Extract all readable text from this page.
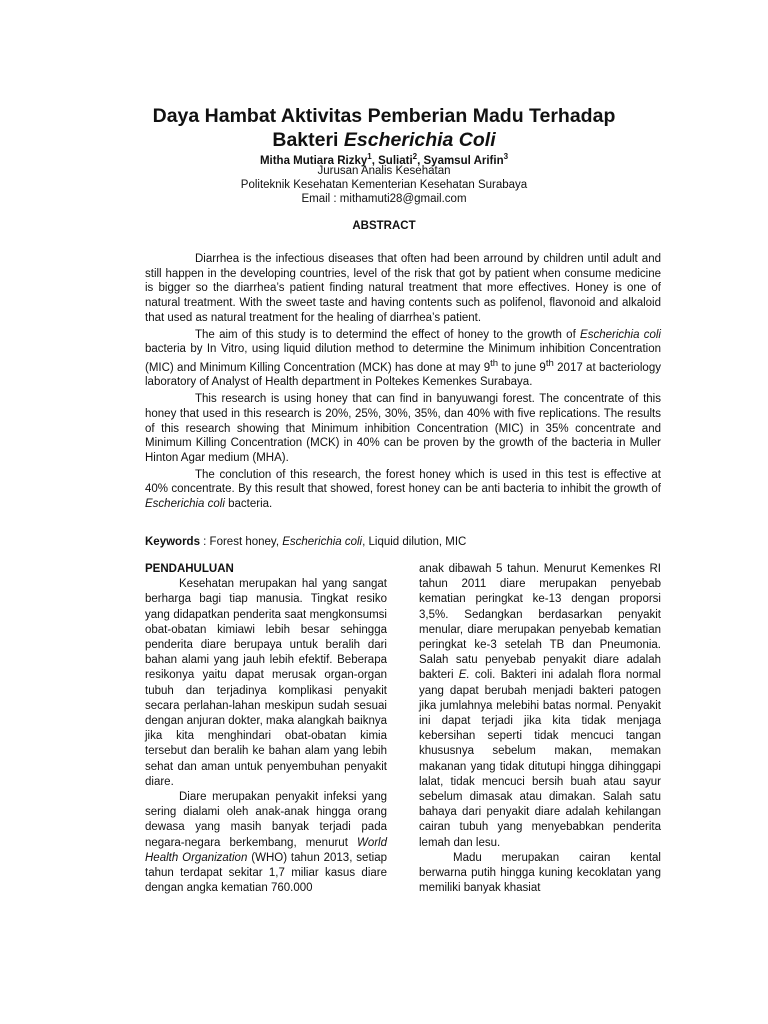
Daya Hambat Aktivitas Pemberian Madu Terhadap
Bakteri Escherichia Coli
Mitha Mutiara Rizky$^1$, Suliati$^2$, Syamsul Arifin$^3$
Jurusan Analis Kesehatan
Politeknik Kesehatan Kementerian Kesehatan Surabaya
Email : mithamuti28@gmail.com
ABSTRACT

Diarrhea is the infectious diseases that often had been arround by children until adult and still happen in the developing countries, level of the risk that got by patient when consume medicine is bigger so the diarrhea’s patient finding natural treatment that more effectives. Honey is one of natural treatment. With the sweet taste and having contents such as polifenol, flavonoid and alkaloid that used as natural treatment for the healing of diarrhea’s patient.

The aim of this study is to determind the effect of honey to the growth of Escherichia coli bacteria by In Vitro, using liquid dilution method to determine the Minimum inhibition Concentration (MIC) and Minimum Killing Concentration (MCK) has done at may 9th to june 9th 2017 at bacteriology laboratory of Analyst of Health department in Poltekes Kemenkes Surabaya.

This research is using honey that can find in banyuwangi forest. The concentrate of this honey that used in this research is 20%, 25%, 30%, 35%, dan 40% with five replications. The results of this research showing that Minimum inhibition Concentration (MIC) in 35% concentrate and Minimum Killing Concentration (MCK) in 40% can be proven by the growth of the bacteria in Muller Hinton Agar medium (MHA).

The conclution of this research, the forest honey which is used in this test is effective at 40% concentrate. By this result that showed, forest honey can be anti bacteria to inhibit the growth of Escherichia coli bacteria.

Keywords : Forest honey, Escherichia coli, Liquid dilution, MIC
PENDAHULUAN

Kesehatan merupakan hal yang sangat berharga bagi tiap manusia. Tingkat resiko yang didapatkan penderita saat mengkonsumsi obat-obatan kimiawi lebih besar sehingga penderita diare berupaya untuk beralih dari bahan alami yang jauh lebih efektif. Beberapa resikonya yaitu dapat merusak organ-organ tubuh dan terjadinya komplikasi penyakit secara perlahan-lahan meskipun sudah sesuai dengan anjuran dokter, maka alangkah baiknya jika kita menghindari obat-obatan kimia tersebut dan beralih ke bahan alam yang lebih sehat dan aman untuk penyembuhan penyakit diare.

Diare merupakan penyakit infeksi yang sering dialami oleh anak-anak hingga orang dewasa yang masih banyak terjadi pada negara-negara berkembang, menurut World Health Organization (WHO) tahun 2013, setiap tahun terdapat sekitar 1,7 miliar kasus diare dengan angka kematian 760.000

anak dibawah 5 tahun. Menurut Kemenkes RI tahun 2011 diare merupakan penyebab kematian peringkat ke-13 dengan proporsi 3,5%. Sedangkan berdasarkan penyakit menular, diare merupakan penyebab kematian peringkat ke-3 setelah TB dan Pneumonia. Salah satu penyebab penyakit diare adalah bakteri E. coli. Bakteri ini adalah flora normal yang dapat berubah menjadi bakteri patogen jika jumlahnya melebihi batas normal. Penyakit ini dapat terjadi jika kita tidak menjaga kebersihan seperti tidak mencuci tangan khususnya sebelum makan, memakan makanan yang tidak ditutupi hingga dihinggapi lalat, tidak mencuci bersih buah atau sayur sebelum dimasak atau dimakan. Salah satu bahaya dari penyakit diare adalah kehilangan cairan tubuh yang menyebabkan penderita lemah dan lesu.

Madu merupakan cairan kental berwarna putih hingga kuning kecoklatan yang memiliki banyak khasiat
